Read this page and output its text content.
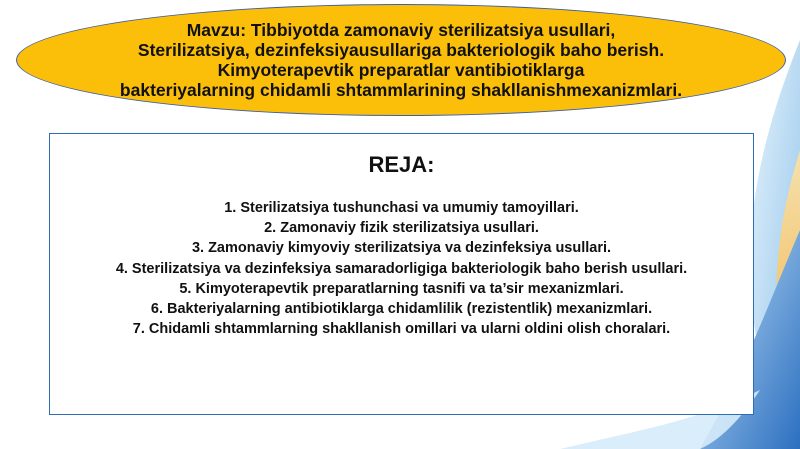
Mavzu: Tibbiyotda zamonaviy sterilizatsiya usullari,
Sterilizatsiya, dezinfeksiyausullariga bakteriologik baho berish.
Kimyoterapevtik preparatlar vantibiotiklarga
bakteriyalarning chidamli shtammlarining shakllanishmexanizmlari.

REJA:
1. Sterilizatsiya tushunchasi va umumiy tamoyillari.
2. Zamonaviy fizik sterilizatsiya usullari.
3. Zamonaviy kimyoviy sterilizatsiya va dezinfeksiya usullari.
4. Sterilizatsiya va dezinfeksiya samaradorligiga bakteriologik baho berish usullari.
5. Kimyoterapevtik preparatlarning tasnifi va ta’sir mexanizmlari.
6. Bakteriyalarning antibiotiklarga chidamlilik (rezistentlik) mexanizmlari.
7. Chidamli shtammlarning shakllanish omillari va ularni oldini olish choralari.
